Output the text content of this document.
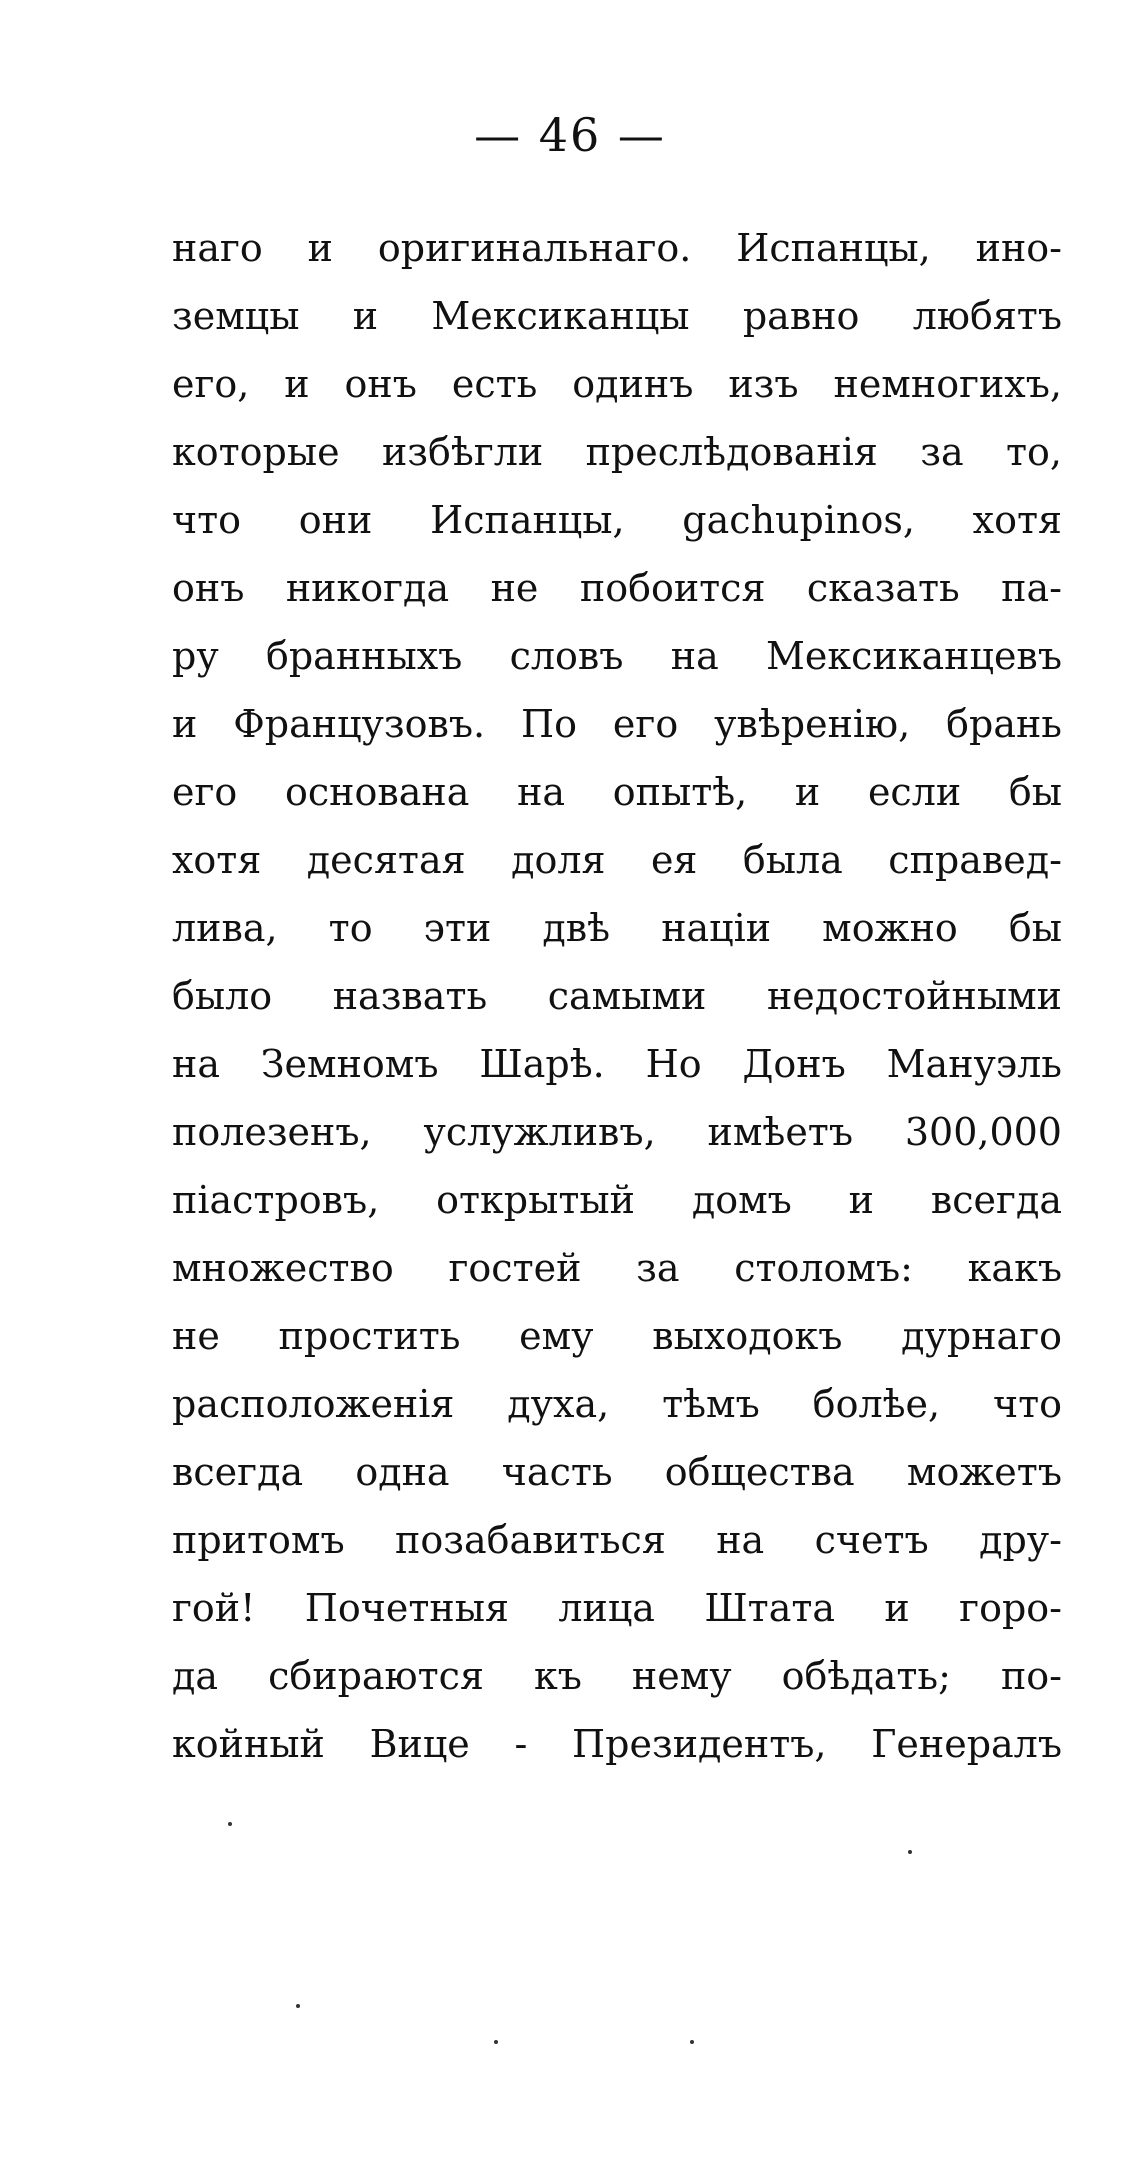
— 46 —
наго и оригинальнаго. Испанцы, ино-
земцы и Мексиканцы равно любятъ
его, и онъ есть одинъ изъ немногихъ,
которые избѣгли преслѣдованія за то,
что они Испанцы, gachupinos, хотя
онъ никогда не побоится сказать па-
ру бранныхъ словъ на Мексиканцевъ
и Французовъ. По его увѣренію, брань
его основана на опытѣ, и если бы
хотя десятая доля ея была справед-
лива, то эти двѣ націи можно бы
было назвать самыми недостойными
на Земномъ Шарѣ. Но Донъ Мануэль
полезенъ, услужливъ, имѣетъ 300,000
піастровъ, открытый домъ и всегда
множество гостей за столомъ: какъ
не простить ему выходокъ дурнаго
расположенія духа, тѣмъ болѣе, что
всегда одна часть общества можетъ
притомъ позабавиться на счетъ дру-
гой! Почетныя лица Штата и горо-
да сбираются къ нему обѣдать; по-
койный Вице - Президентъ, Генералъ
